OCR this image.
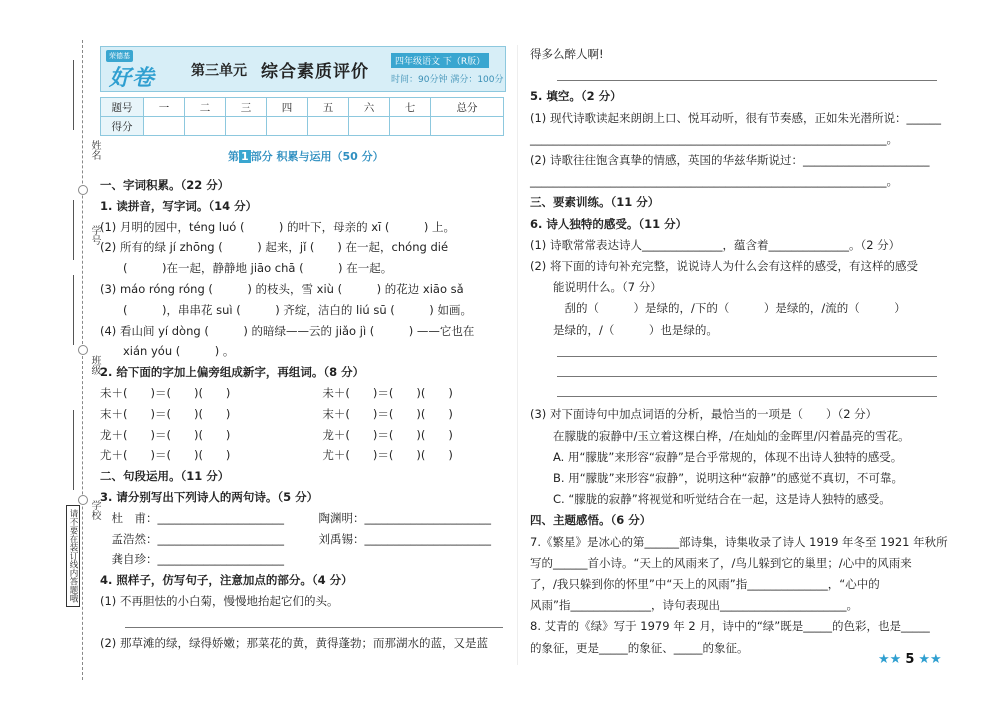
姓名
学号
班级
学校
请不要在装订线内答题哦
荣德基
好卷	第三单元 综合素质评价	四年级语文 下（R版）
时间：90分钟 满分：100分
题号	一	二	三	四	五	六	七	总分
得分								
第 1 部分 积累与运用（50 分）
一、字词积累。（22 分）
1. 读拼音，写字词。（14 分）
(1) 月明的园中，téng luó (　　　) 的叶下，母亲的 xī (　　　) 上。
(2) 所有的绿 jí zhōng (　　　) 起来，jǐ (　　) 在一起，chóng dié
　　(　　　)在一起，静静地 jiāo chā (　　　) 在一起。
(3) máo róng róng (　　　) 的枝头，雪 xiù (　　　) 的花边 xiāo sǎ
　　(　　　)，串串花 suì (　　　) 齐绽，洁白的 liú sū (　　　) 如画。
(4) 看山间 yí dòng (　　　) 的暗绿——云的 jiǎo jì (　　　) ——它也在
　　xián yóu (　　　) 。
2. 给下面的字加上偏旁组成新字，再组词。（8 分）
未＋(　　)＝(　　)(　　)　　　　　　　　未＋(　　)＝(　　)(　　)
末＋(　　)＝(　　)(　　)　　　　　　　　末＋(　　)＝(　　)(　　)
龙＋(　　)＝(　　)(　　)　　　　　　　　龙＋(　　)＝(　　)(　　)
尤＋(　　)＝(　　)(　　)　　　　　　　　尤＋(　　)＝(　　)(　　)
二、句段运用。（11 分）
3. 请分别写出下列诗人的两句诗。（5 分）
　杜　甫：______________________　　　陶渊明：______________________
　孟浩然：______________________　　　刘禹锡：______________________
　龚自珍：______________________
4. 照样子，仿写句子，注意加点的部分。（4 分）
(1) 不再胆怯的小白菊，慢慢地抬起它们的头。
(2) 那草滩的绿，绿得娇嫩；那菜花的黄，黄得蓬勃；而那湖水的蓝，又是蓝
得多么醉人啊!
5. 填空。（2 分）
(1) 现代诗歌读起来朗朗上口、悦耳动听，很有节奏感，正如朱光潜所说：______
______________________________________________________________。
(2) 诗歌往往饱含真挚的情感，英国的华兹华斯说过：______________________
______________________________________________________________。
三、要素训练。（11 分）
6. 诗人独特的感受。（11 分）
(1) 诗歌常常表达诗人______________，蕴含着______________。（2 分）
(2) 将下面的诗句补充完整，说说诗人为什么会有这样的感受，有这样的感受
　　能说明什么。（7 分）
　　　刮的（　　　）是绿的，/下的（　　　）是绿的，/流的（　　　）
　　是绿的，/（　　　）也是绿的。
(3) 对下面诗句中加点词语的分析，最恰当的一项是（　　）（2 分）
　　在朦胧的寂静中/玉立着这棵白桦，/在灿灿的金晖里/闪着晶亮的雪花。
　　A. 用“朦胧”来形容“寂静”是合乎常规的，体现不出诗人独特的感受。
　　B. 用“朦胧”来形容“寂静”，说明这种“寂静”的感觉不真切，不可靠。
　　C. “朦胧的寂静”将视觉和听觉结合在一起，这是诗人独特的感受。
四、主题感悟。（6 分）
7.《繁星》是冰心的第______部诗集，诗集收录了诗人 1919 年冬至 1921 年秋所
写的______首小诗。“天上的风雨来了，/鸟儿躲到它的巢里；/心中的风雨来
了，/我只躲到你的怀里”中“天上的风雨”指______________，“心中的
风雨”指______________，诗句表现出______________________。
8. 艾青的《绿》写于 1979 年 2 月，诗中的“绿”既是_____的色彩，也是_____
的象征，更是_____的象征、_____的象征。
★★ 5 ★★
